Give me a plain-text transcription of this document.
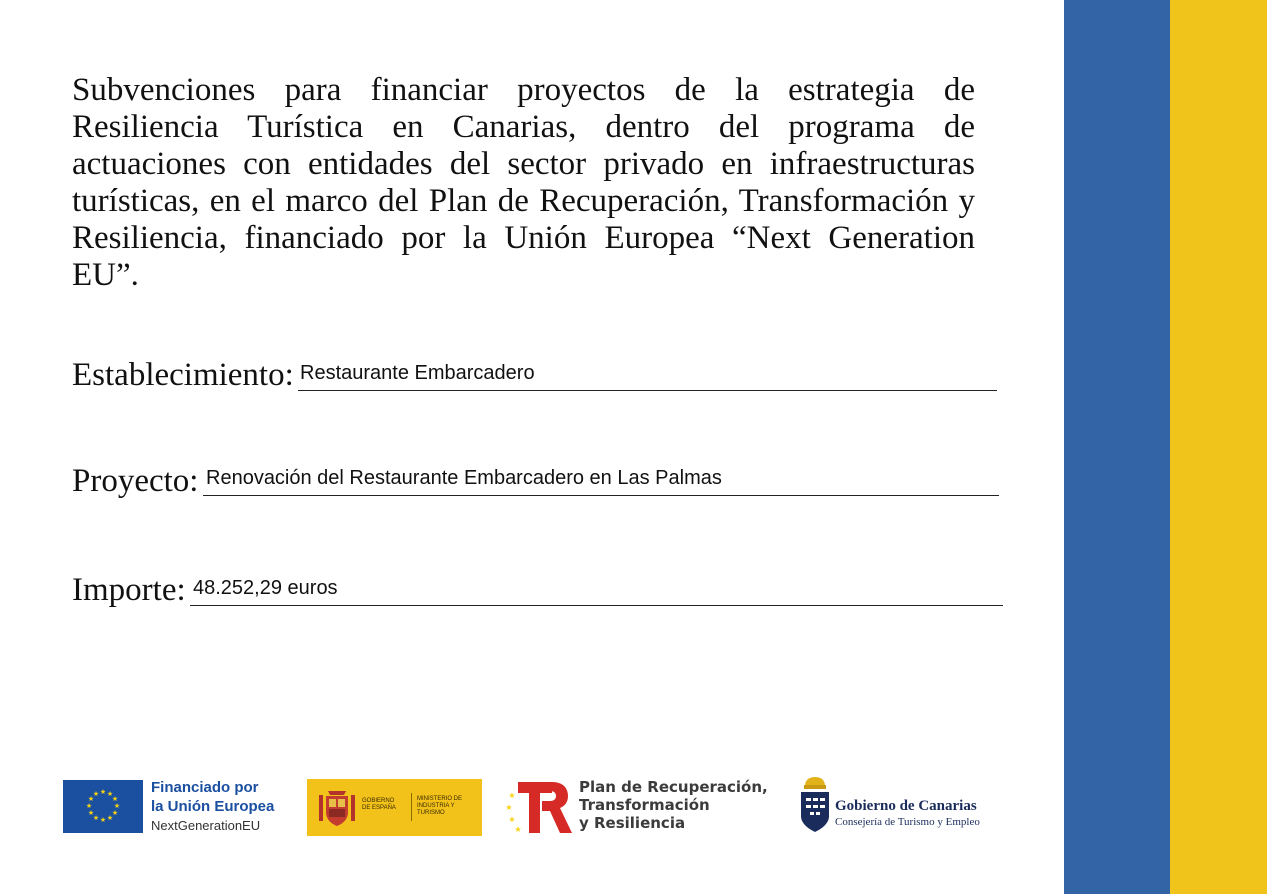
Subvenciones para financiar proyectos de la estrategia de Resiliencia Turística en Canarias, dentro del programa de actuaciones con entidades del sector privado en infraestructuras turísticas, en el marco del Plan de Recuperación, Transformación y Resiliencia, financiado por la Unión Europea “Next Generation EU”.

Establecimiento: Restaurante Embarcadero
Proyecto: Renovación del Restaurante Embarcadero en Las Palmas
Importe: 48.252,29 euros
★ ★
★
★
★
★
★
★
★
★
★
★	Financiado por
la Unión Europea
NextGenerationEU
GOBIERNO DE ESPAÑA
MINISTERIO DE INDUSTRIA Y TURISMO
★
★
★
★
Plan de Recuperación,
Transformación
y Resiliencia
Gobierno de Canarias
Consejería de Turismo y Empleo
